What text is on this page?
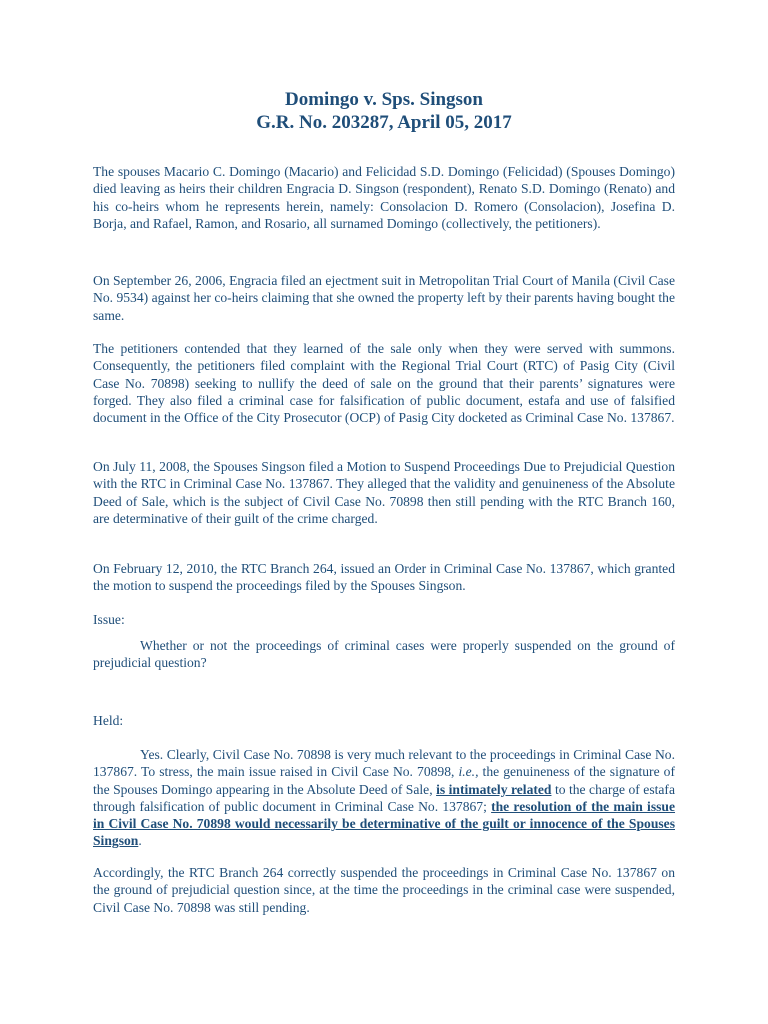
Domingo v. Sps. Singson
G.R. No. 203287, April 05, 2017

The spouses Macario C. Domingo (Macario) and Felicidad S.D. Domingo (Felicidad) (Spouses Domingo) died leaving as heirs their children Engracia D. Singson (respondent), Renato S.D. Domingo (Renato) and his co-heirs whom he represents herein, namely: Consolacion D. Romero (Consolacion), Josefina D. Borja, and Rafael, Ramon, and Rosario, all surnamed Domingo (collectively, the petitioners).

On September 26, 2006, Engracia filed an ejectment suit in Metropolitan Trial Court of Manila (Civil Case No. 9534) against her co-heirs claiming that she owned the property left by their parents having bought the same.

The petitioners contended that they learned of the sale only when they were served with summons. Consequently, the petitioners filed complaint with the Regional Trial Court (RTC) of Pasig City (Civil Case No. 70898) seeking to nullify the deed of sale on the ground that their parents’ signatures were forged. They also filed a criminal case for falsification of public document, estafa and use of falsified document in the Office of the City Prosecutor (OCP) of Pasig City docketed as Criminal Case No. 137867.

On July 11, 2008, the Spouses Singson filed a Motion to Suspend Proceedings Due to Prejudicial Question with the RTC in Criminal Case No. 137867. They alleged that the validity and genuineness of the Absolute Deed of Sale, which is the subject of Civil Case No. 70898 then still pending with the RTC Branch 160, are determinative of their guilt of the crime charged.

On February 12, 2010, the RTC Branch 264, issued an Order in Criminal Case No. 137867, which granted the motion to suspend the proceedings filed by the Spouses Singson.

Issue:

Whether or not the proceedings of criminal cases were properly suspended on the ground of prejudicial question?

Held:

Yes. Clearly, Civil Case No. 70898 is very much relevant to the proceedings in Criminal Case No. 137867. To stress, the main issue raised in Civil Case No. 70898, i.e., the genuineness of the signature of the Spouses Domingo appearing in the Absolute Deed of Sale, is intimately related to the charge of estafa through falsification of public document in Criminal Case No. 137867; the resolution of the main issue in Civil Case No. 70898 would necessarily be determinative of the guilt or innocence of the Spouses Singson.

Accordingly, the RTC Branch 264 correctly suspended the proceedings in Criminal Case No. 137867 on the ground of prejudicial question since, at the time the proceedings in the criminal case were suspended, Civil Case No. 70898 was still pending.
